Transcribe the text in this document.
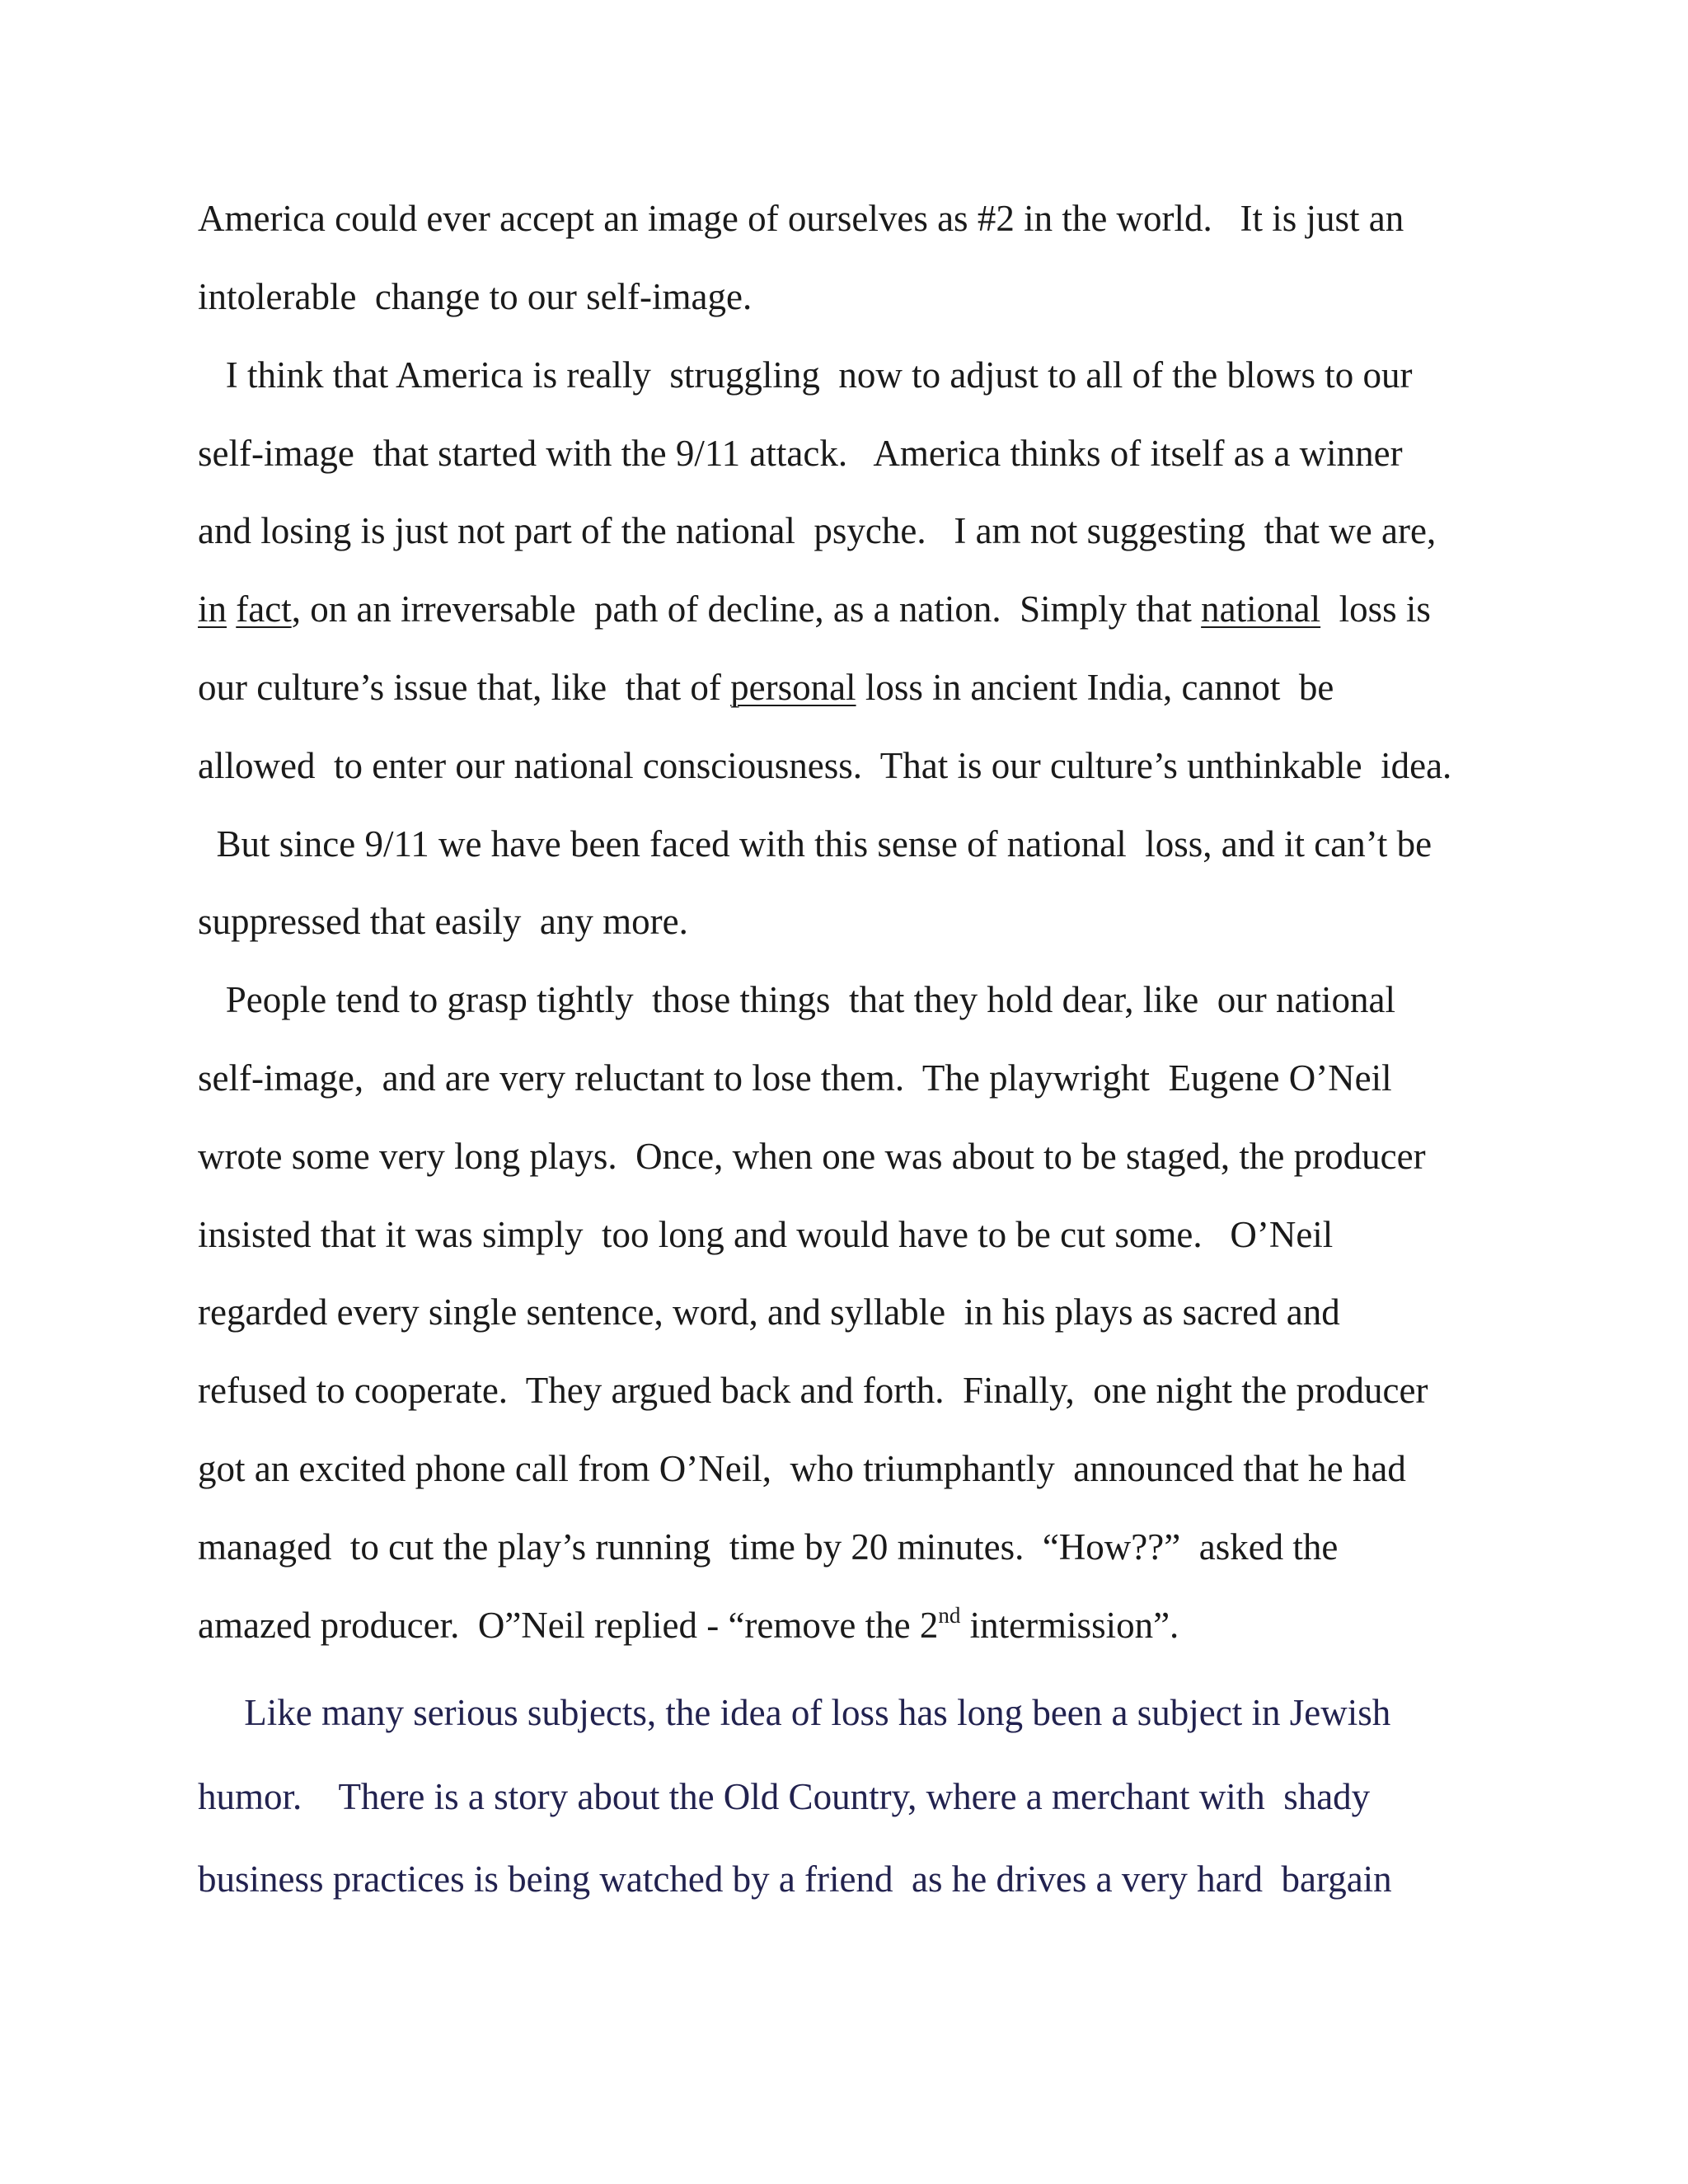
America could ever accept an image of ourselves as #2 in the world.   It is just an

intolerable  change to our self-image.

I think that America is really  struggling  now to adjust to all of the blows to our

self-image  that started with the 9/11 attack.   America thinks of itself as a winner

and losing is just not part of the national  psyche.   I am not suggesting  that we are,

in fact, on an irreversable  path of decline, as a nation.  Simply that national  loss is

our culture’s issue that, like  that of personal loss in ancient India, cannot  be

allowed  to enter our national consciousness.  That is our culture’s unthinkable  idea.

But since 9/11 we have been faced with this sense of national  loss, and it can’t be

suppressed that easily  any more.

People tend to grasp tightly  those things  that they hold dear, like  our national

self-image,  and are very reluctant to lose them.  The playwright  Eugene O’Neil

wrote some very long plays.  Once, when one was about to be staged, the producer

insisted that it was simply  too long and would have to be cut some.   O’Neil

regarded every single sentence, word, and syllable  in his plays as sacred and

refused to cooperate.  They argued back and forth.  Finally,  one night the producer

got an excited phone call from O’Neil,  who triumphantly  announced that he had

managed  to cut the play’s running  time by 20 minutes.  “How??”  asked the

amazed producer.  O”Neil replied - “remove the 2nd intermission”.

Like many serious subjects, the idea of loss has long been a subject in Jewish

humor.    There is a story about the Old Country, where a merchant with  shady

business practices is being watched by a friend  as he drives a very hard  bargain
